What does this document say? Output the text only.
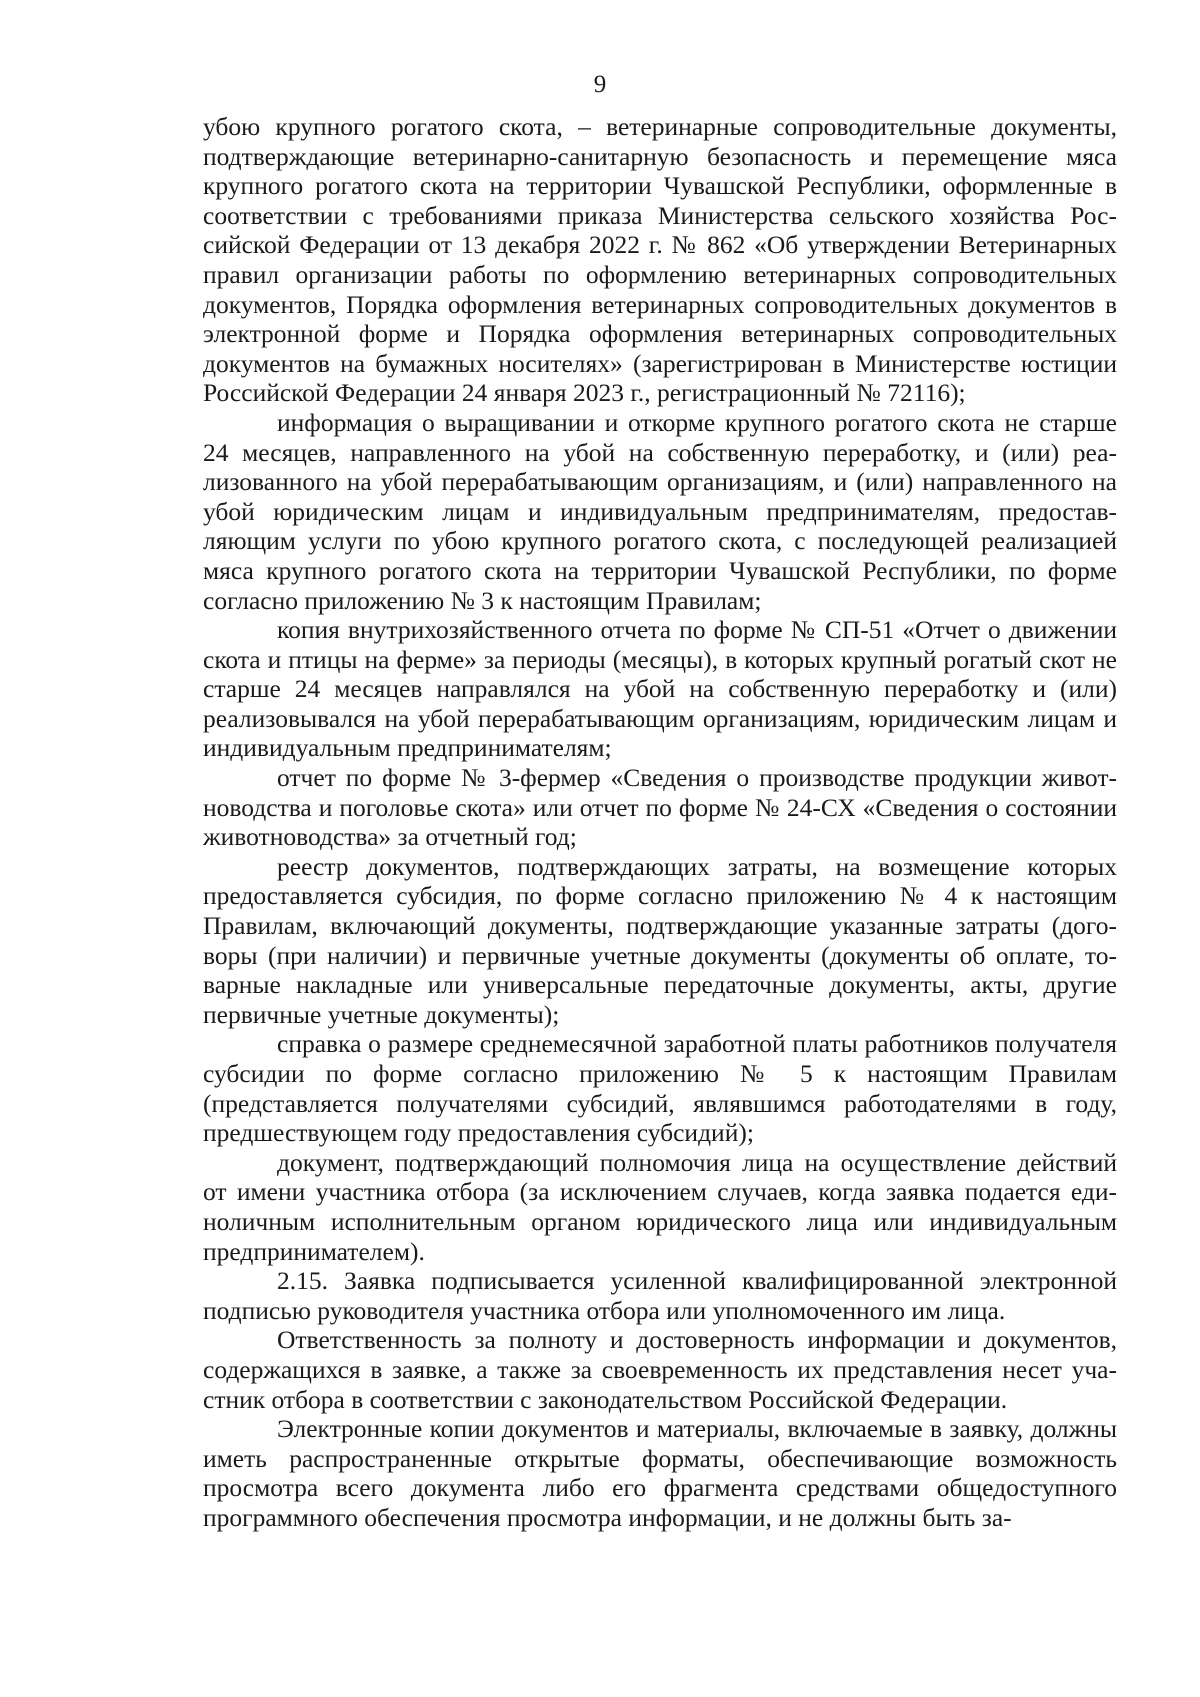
9

убою крупного рогатого скота, – ветеринарные сопроводительные документы, подтверждающие ветеринарно-санитарную безопасность и перемещение мяса крупного рогатого скота на территории Чувашской Республики, оформленные в соответствии с требованиями приказа Министерства сельского хозяйства Российской Федерации от 13 декабря 2022 г. № 862 «Об утверждении Ветеринарных правил организации работы по оформлению ветеринарных сопроводительных документов, Порядка оформления ветеринарных сопроводительных документов в электронной форме и Порядка оформления ветеринарных сопроводительных документов на бумажных носителях» (зарегистрирован в Министерстве юстиции Российской Федерации 24 января 2023 г., регистрационный № 72116);

информация о выращивании и откорме крупного рогатого скота не старше 24 месяцев, направленного на убой на собственную переработку, и (или) реализованного на убой перерабатывающим организациям, и (или) направленного на убой юридическим лицам и индивидуальным предпринимателям, предоставляющим услуги по убою крупного рогатого скота, с последующей реализацией мяса крупного рогатого скота на территории Чувашской Республики, по форме согласно приложению № 3 к настоящим Правилам;

копия внутрихозяйственного отчета по форме № СП-51 «Отчет о движении скота и птицы на ферме» за периоды (месяцы), в которых крупный рогатый скот не старше 24 месяцев направлялся на убой на собственную переработку и (или) реализовывался на убой перерабатывающим организациям, юридическим лицам и индивидуальным предпринимателям;

отчет по форме № 3-фермер «Сведения о производстве продукции животноводства и поголовье скота» или отчет по форме № 24-СХ «Сведения о состоянии животноводства» за отчетный год;

реестр документов, подтверждающих затраты, на возмещение которых предоставляется субсидия, по форме согласно приложению № 4 к настоящим Правилам, включающий документы, подтверждающие указанные затраты (договоры (при наличии) и первичные учетные документы (документы об оплате, товарные накладные или универсальные передаточные документы, акты, другие первичные учетные документы);

справка о размере среднемесячной заработной платы работников получателя субсидии по форме согласно приложению № 5 к настоящим Правилам (представляется получателями субсидий, являвшимся работодателями в году, предшествующем году предоставления субсидий);

документ, подтверждающий полномочия лица на осуществление действий от имени участника отбора (за исключением случаев, когда заявка подается единоличным исполнительным органом юридического лица или индивидуальным предпринимателем).

2.15. Заявка подписывается усиленной квалифицированной электронной подписью руководителя участника отбора или уполномоченного им лица.

Ответственность за полноту и достоверность информации и документов, содержащихся в заявке, а также за своевременность их представления несет участник отбора в соответствии с законодательством Российской Федерации.

Электронные копии документов и материалы, включаемые в заявку, должны иметь распространенные открытые форматы, обеспечивающие возможность просмотра всего документа либо его фрагмента средствами общедоступного программного обеспечения просмотра информации, и не должны быть за-
